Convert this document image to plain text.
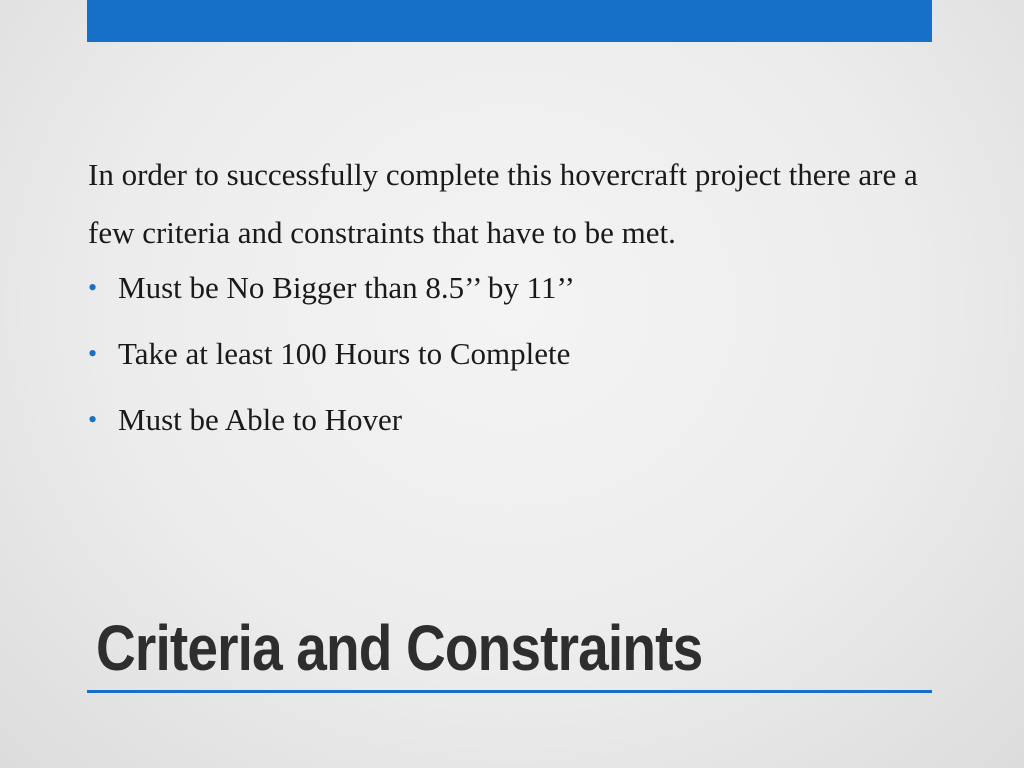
In order to successfully complete this hovercraft project there are a few criteria and constraints that have to be met.

• Must be No Bigger than 8.5’’ by 11’’
• Take at least 100 Hours to Complete
• Must be Able to Hover
Criteria and Constraints
